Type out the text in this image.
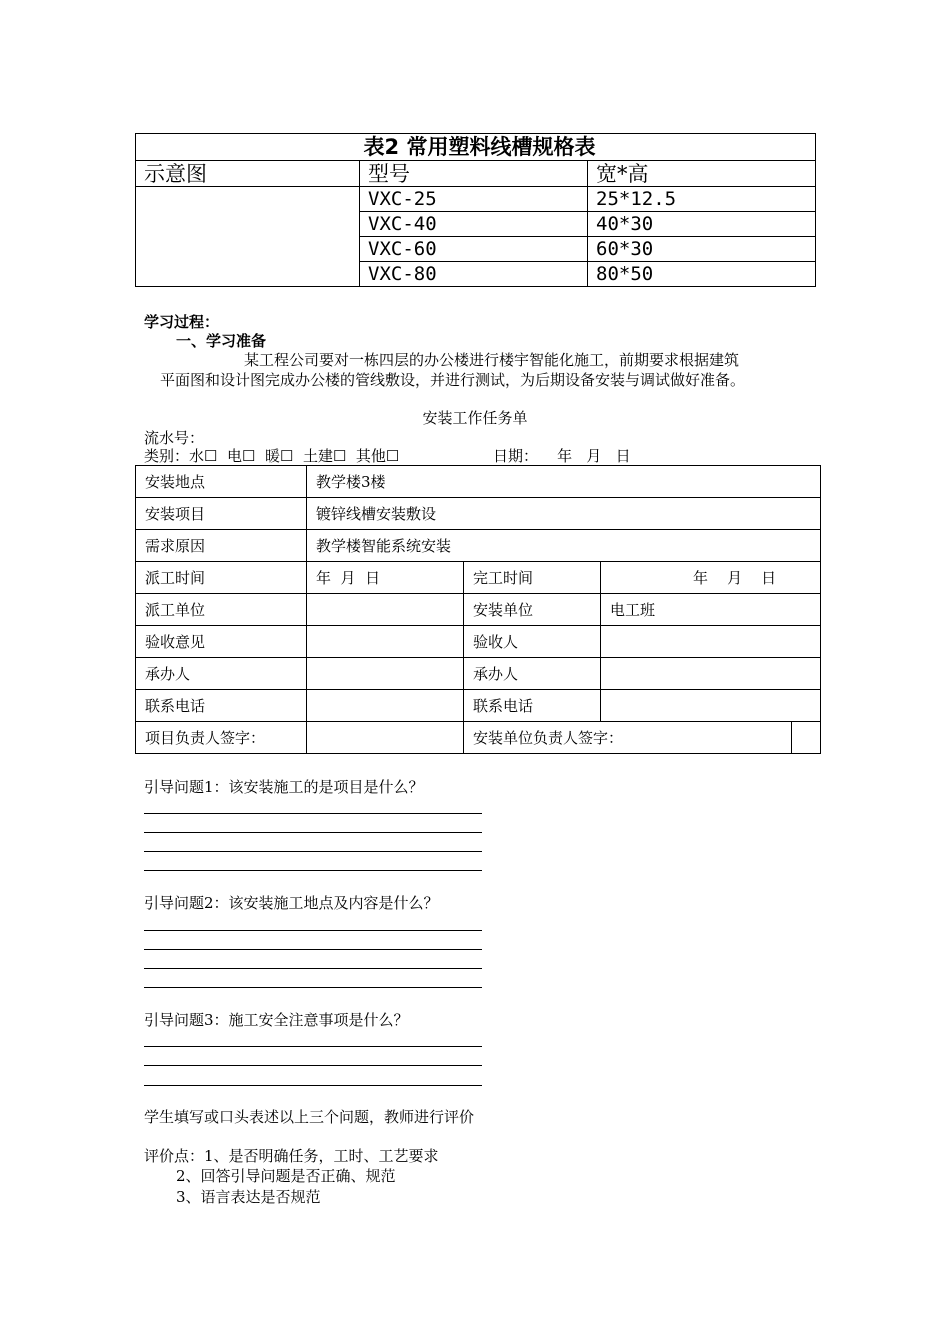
表2 常用塑料线槽规格表		
示意图	型号	宽*高
	VXC-25	25*12.5
	VXC-40	40*30
	VXC-60	60*30
	VXC-80	80*50
学习过程：
一、学习准备
某工程公司要对一栋四层的办公楼进行楼宇智能化施工，前期要求根据建筑
平面图和设计图完成办公楼的管线敷设，并进行测试，为后期设备安装与调试做好准备。
安装工作任务单
流水号：
类别：水☐  电☐  暖☐  土建☐  其他☐	日期：    年   月   日
安装地点	教学楼3楼			
安装项目	镀锌线槽安装敷设			
需求原因	教学楼智能系统安装			
派工时间	年  月  日	完工时间	年    月    日	
派工单位		安装单位	电工班	
验收意见		验收人		
承办人		承办人		
联系电话		联系电话		
项目负责人签字：		安装单位负责人签字：		
引导问题1：该安装施工的是项目是什么？
引导问题2：该安装施工地点及内容是什么？
引导问题3：施工安全注意事项是什么？
学生填写或口头表述以上三个问题，教师进行评价
评价点：1、是否明确任务，工时、工艺要求
2、回答引导问题是否正确、规范
3、语言表达是否规范
